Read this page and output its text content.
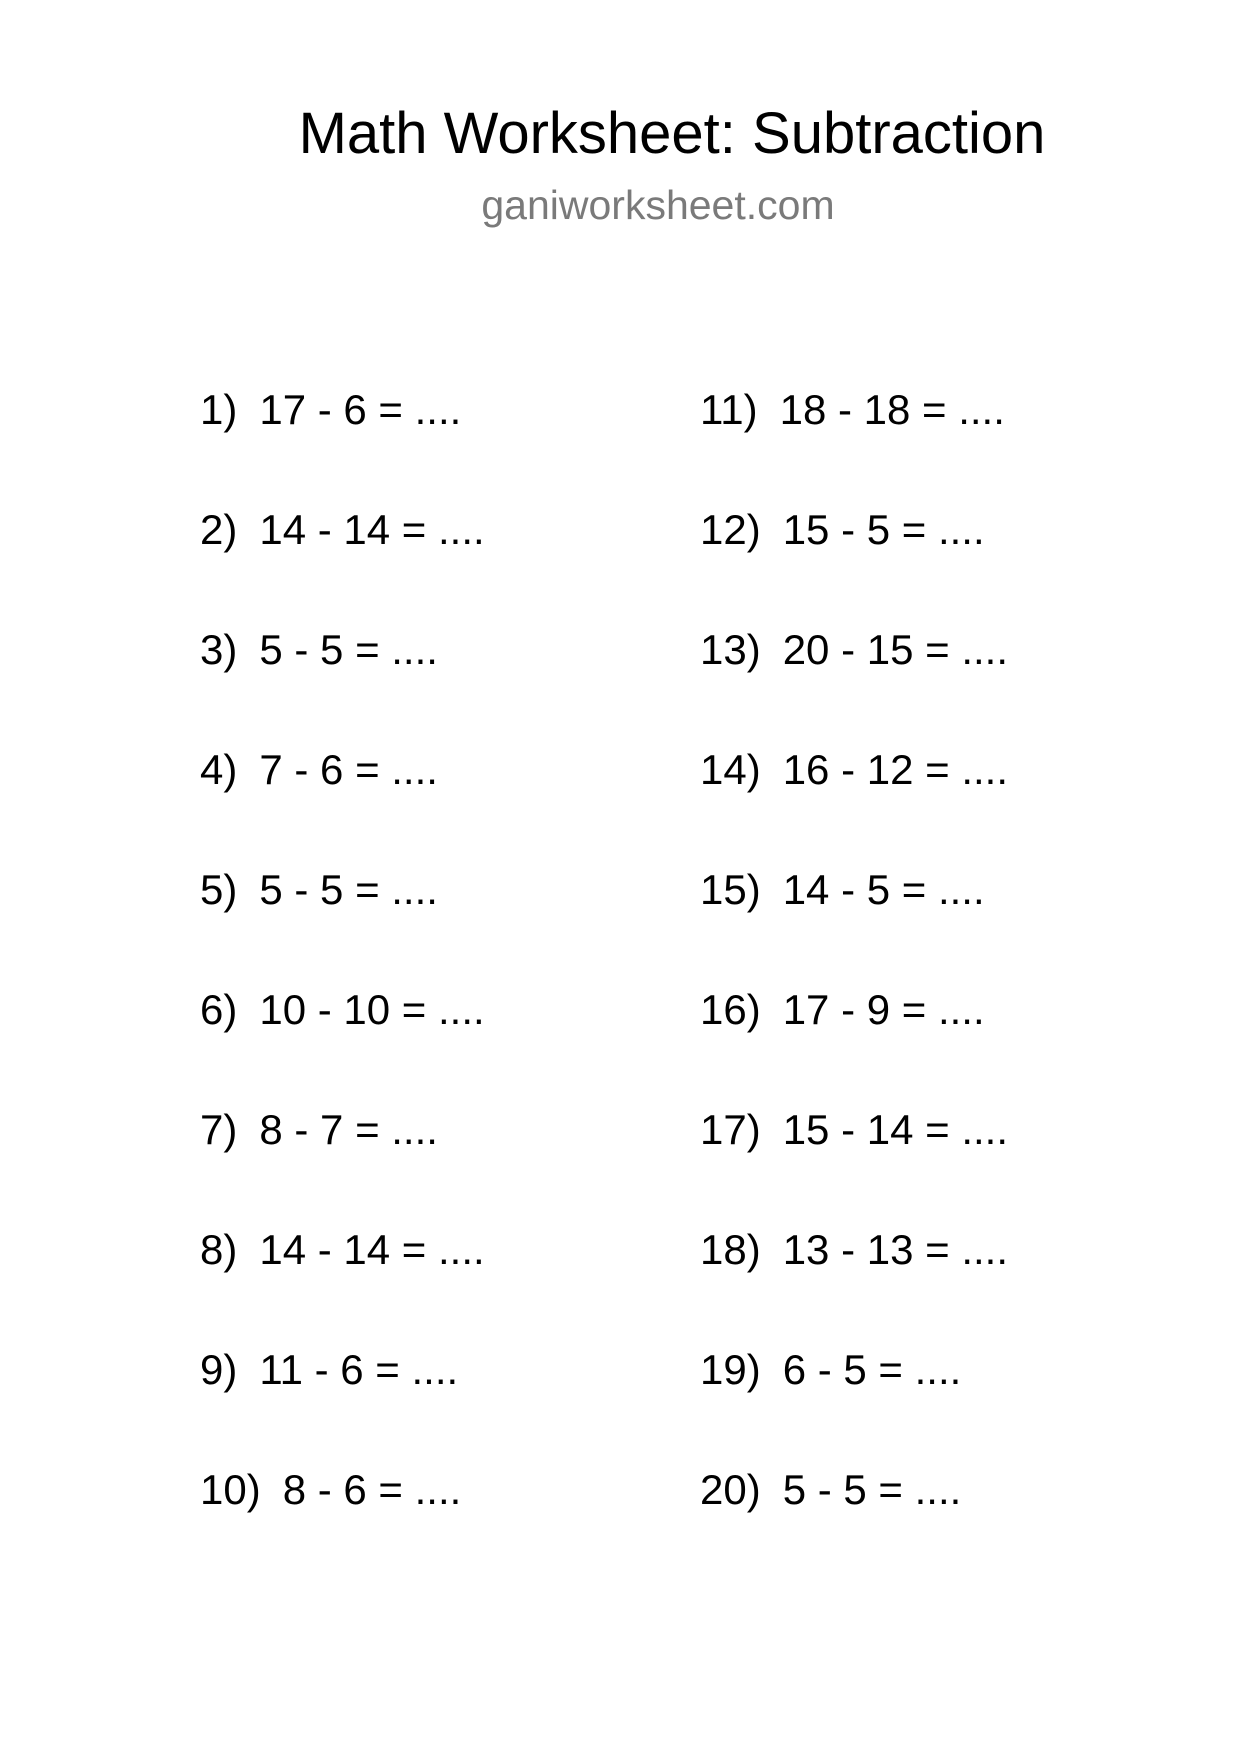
Math Worksheet: Subtraction
ganiworksheet.com
1) 17 - 6 = ....
2) 14 - 14 = ....
3) 5 - 5 = ....
4) 7 - 6 = ....
5) 5 - 5 = ....
6) 10 - 10 = ....
7) 8 - 7 = ....
8) 14 - 14 = ....
9) 11 - 6 = ....
10) 8 - 6 = ....
11) 18 - 18 = ....
12) 15 - 5 = ....
13) 20 - 15 = ....
14) 16 - 12 = ....
15) 14 - 5 = ....
16) 17 - 9 = ....
17) 15 - 14 = ....
18) 13 - 13 = ....
19) 6 - 5 = ....
20) 5 - 5 = ....
